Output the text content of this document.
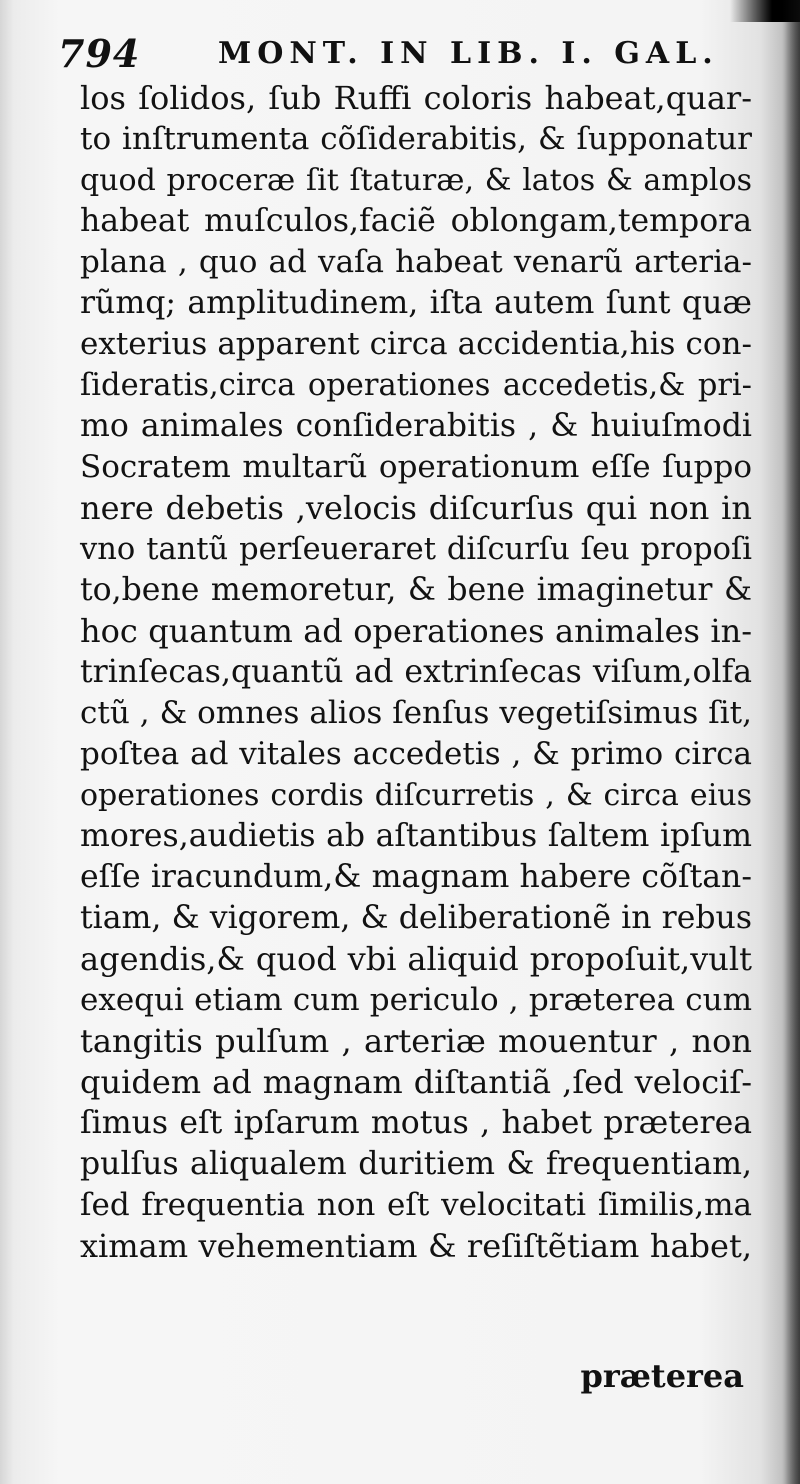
794	MONT. IN LIB. I. GAL.
los ſolidos, ſub Ruffi coloris habeat,quar-
to inſtrumenta cõſiderabitis, & ſupponatur
quod proceræ ſit ſtaturæ, & latos & amplos
habeat muſculos,faciẽ oblongam,tempora
plana , quo ad vaſa habeat venarũ arteria-
rũmq; amplitudinem, iſta autem ſunt quæ
exterius apparent circa accidentia,his con-
ſideratis,circa operationes accedetis,& pri-
mo animales conſiderabitis , & huiuſmodi
Socratem multarũ operationum eſſe ſuppo
nere debetis ,velocis diſcurſus qui non in
vno tantũ perſeueraret diſcurſu ſeu propoſi
to,bene memoretur, & bene imaginetur &
hoc quantum ad operationes animales in-
trinſecas,quantũ ad extrinſecas viſum,olfa
ctũ , & omnes alios ſenſus vegetiſsimus ſit,
poſtea ad vitales accedetis , & primo circa
operationes cordis diſcurretis , & circa eius
mores,audietis ab aſtantibus ſaltem ipſum
eſſe iracundum,& magnam habere cõſtan-
tiam, & vigorem, & deliberationẽ in rebus
agendis,& quod vbi aliquid propoſuit,vult
exequi etiam cum periculo , præterea cum
tangitis pulſum , arteriæ mouentur , non
quidem ad magnam diſtantiã ,ſed velociſ-
ſimus eſt ipſarum motus , habet præterea
pulſus aliqualem duritiem & frequentiam,
ſed frequentia non eſt velocitati ſimilis,ma
ximam vehementiam & reſiſtẽtiam habet,
præterea
